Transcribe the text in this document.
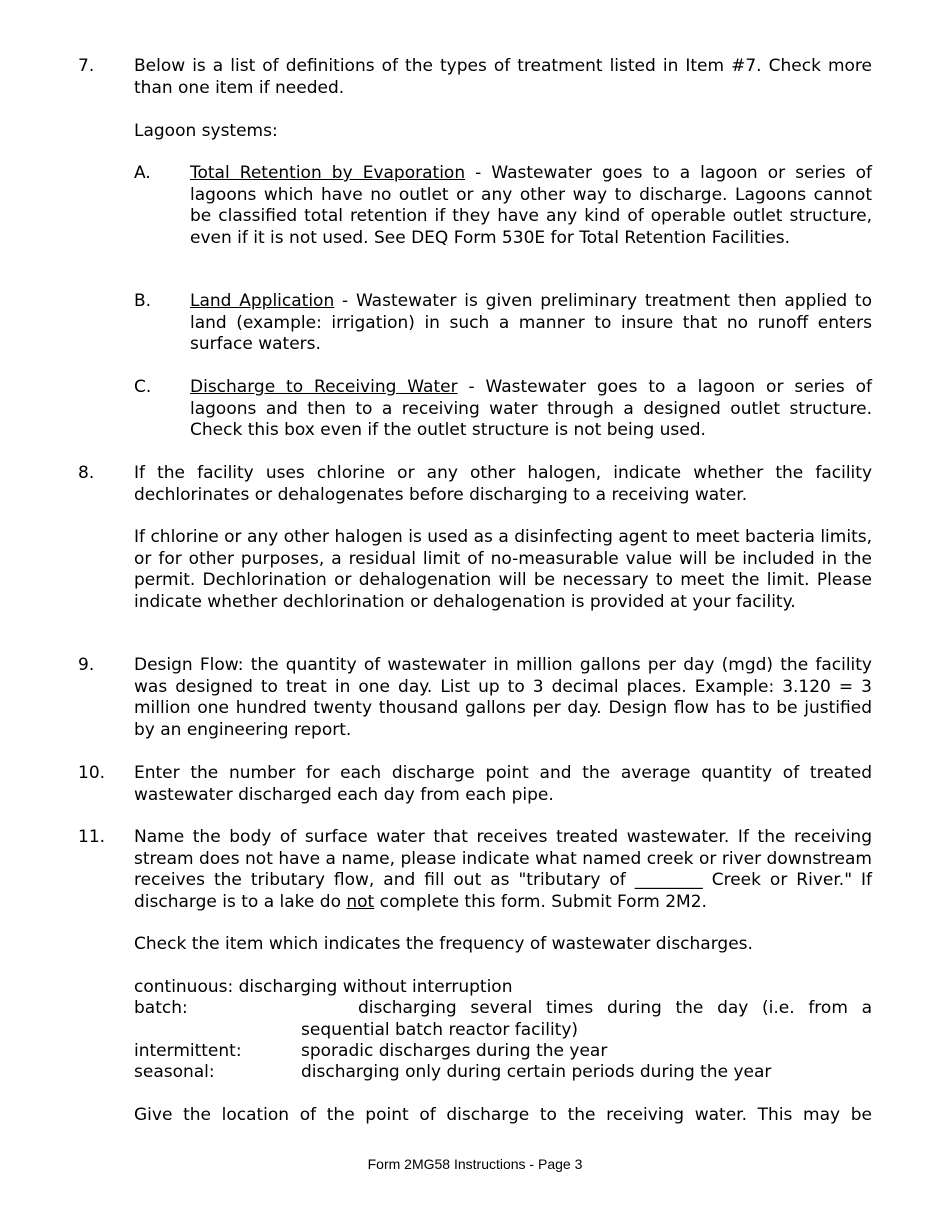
7. Below is a list of definitions of the types of treatment listed in Item #7. Check more than one item if needed.

Lagoon systems:
A. Total Retention by Evaporation - Wastewater goes to a lagoon or series of lagoons which have no outlet or any other way to discharge. Lagoons cannot be classified total retention if they have any kind of operable outlet structure, even if it is not used. See DEQ Form 530E for Total Retention Facilities.
B. Land Application - Wastewater is given preliminary treatment then applied to land (example: irrigation) in such a manner to insure that no runoff enters surface waters.
C. Discharge to Receiving Water - Wastewater goes to a lagoon or series of lagoons and then to a receiving water through a designed outlet structure. Check this box even if the outlet structure is not being used.
8. If the facility uses chlorine or any other halogen, indicate whether the facility dechlorinates or dehalogenates before discharging to a receiving water.

If chlorine or any other halogen is used as a disinfecting agent to meet bacteria limits, or for other purposes, a residual limit of no-measurable value will be included in the permit. Dechlorination or dehalogenation will be necessary to meet the limit. Please indicate whether dechlorination or dehalogenation is provided at your facility.

9. Design Flow: the quantity of wastewater in million gallons per day (mgd) the facility was designed to treat in one day. List up to 3 decimal places. Example: 3.120 = 3 million one hundred twenty thousand gallons per day. Design flow has to be justified by an engineering report.

10. Enter the number for each discharge point and the average quantity of treated wastewater discharged each day from each pipe.

11. Name the body of surface water that receives treated wastewater. If the receiving stream does not have a name, please indicate what named creek or river downstream receives the tributary flow, and fill out as "tributary of ________ Creek or River." If discharge is to a lake do not complete this form. Submit Form 2M2.

Check the item which indicates the frequency of wastewater discharges.
continuous: discharging without interruption
batch:	discharging several times during the day (i.e. from a
sequential batch reactor facility)
intermittent:	sporadic discharges during the year
seasonal:	discharging only during certain periods during the year

Give the location of the point of discharge to the receiving water. This may be

Form 2MG58 Instructions - Page 3
